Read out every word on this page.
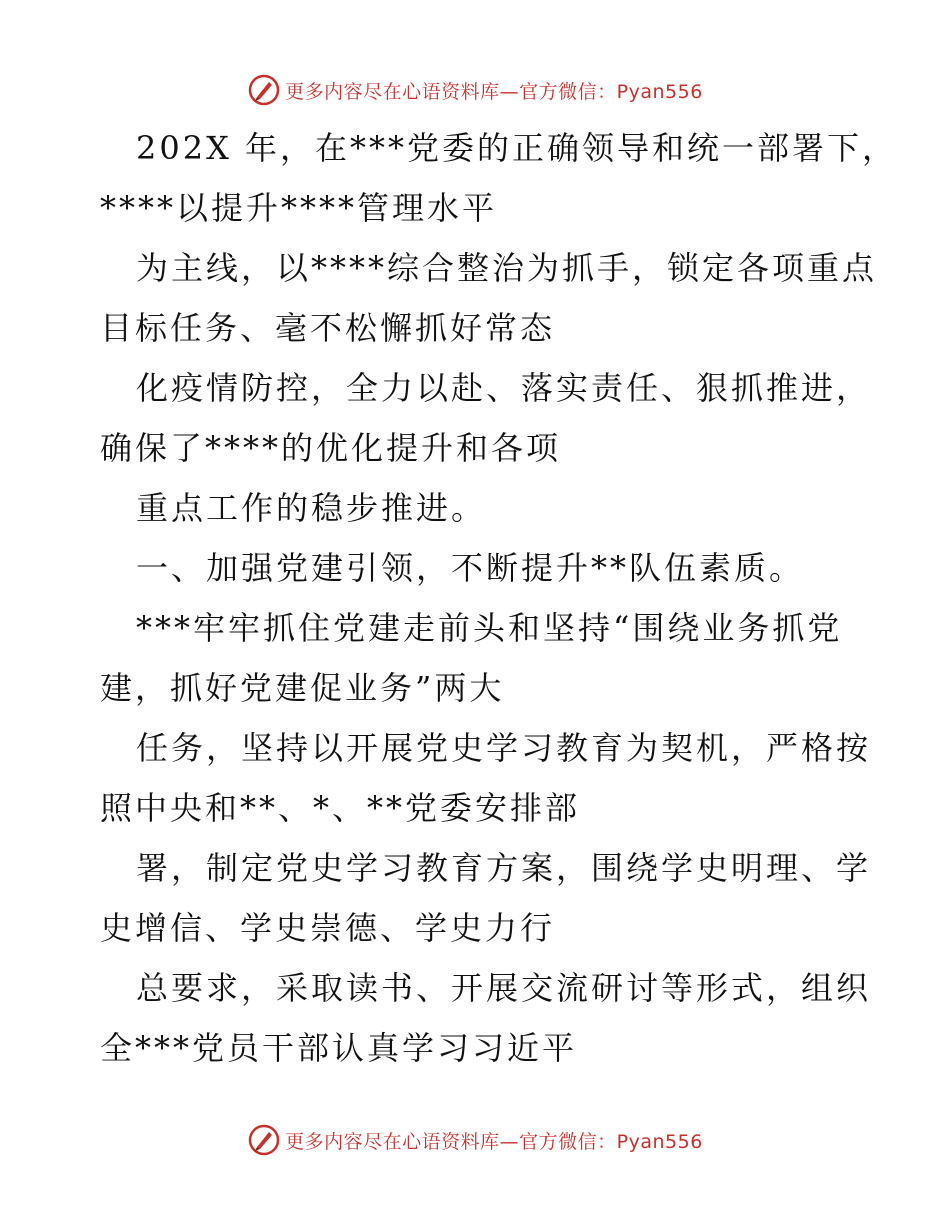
更多内容尽在心语资料库—官方微信：Pyan556
202X 年，在***党委的正确领导和统一部署下，
****以提升****管理水平
为主线，以****综合整治为抓手，锁定各项重点
目标任务、毫不松懈抓好常态
化疫情防控，全力以赴、落实责任、狠抓推进，
确保了****的优化提升和各项
重点工作的稳步推进。
一、加强党建引领，不断提升**队伍素质。
***牢牢抓住党建走前头和坚持“围绕业务抓党
建，抓好党建促业务”两大
任务，坚持以开展党史学习教育为契机，严格按
照中央和**、*、**党委安排部
署，制定党史学习教育方案，围绕学史明理、学
史增信、学史崇德、学史力行
总要求，采取读书、开展交流研讨等形式，组织
全***党员干部认真学习习近平
更多内容尽在心语资料库—官方微信：Pyan556
